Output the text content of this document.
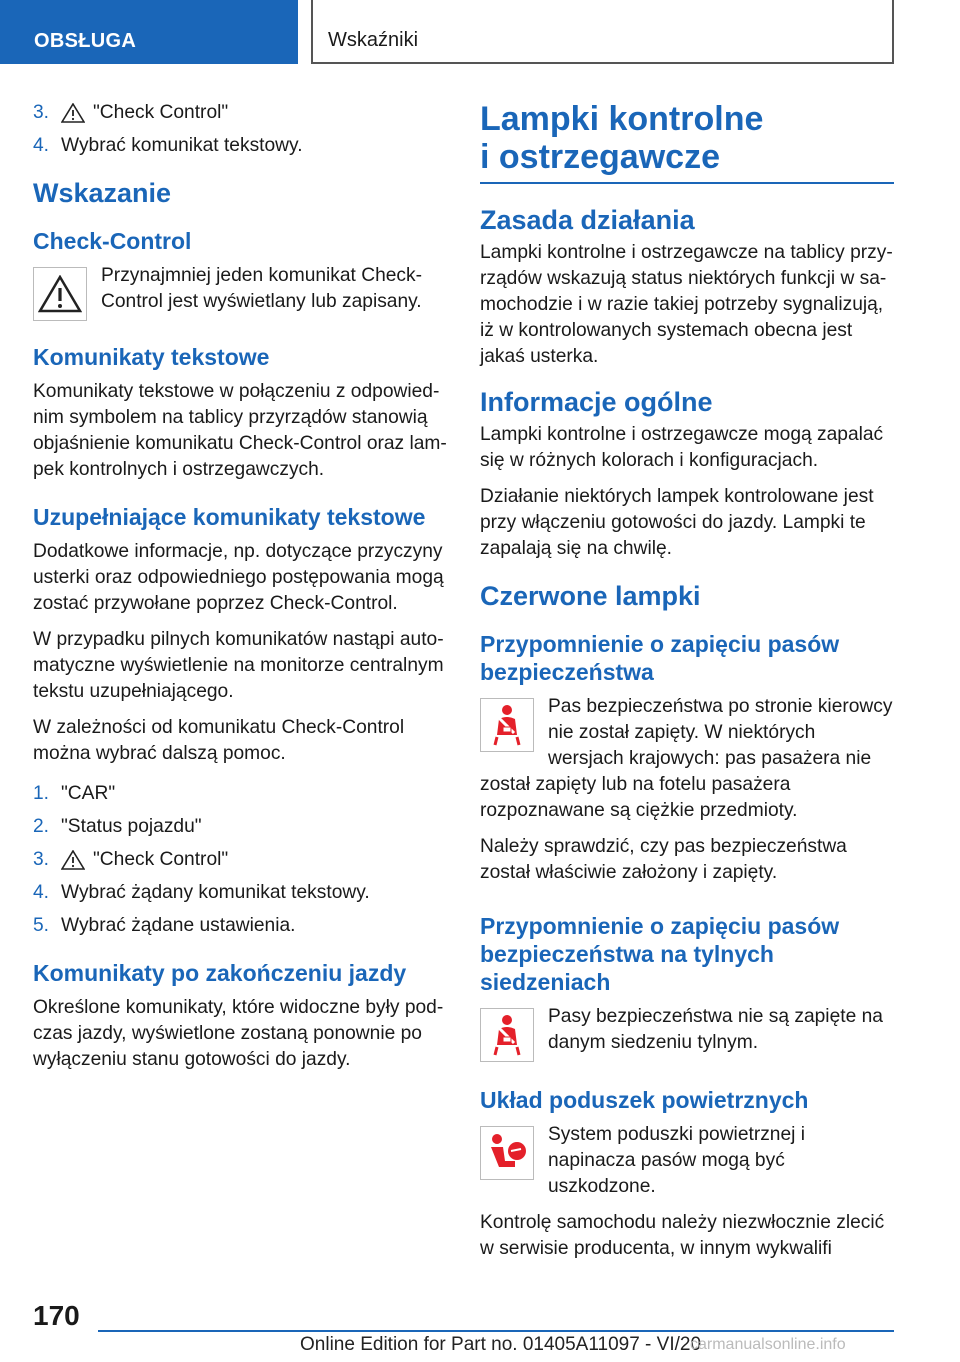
OBSŁUGA	Wskaźniki
3.	"Check Control"
4. Wybrać komunikat tekstowy.
Wskazanie
Check-Control

Przynajmniej jeden komunikat Check-Control jest wyświetlany lub zapisany.

Komunikaty tekstowe

Komunikaty tekstowe w połączeniu z odpowiednim symbolem na tablicy przyrządów stanowią objaśnienie komunikatu Check-Control oraz lampek kontrolnych i ostrzegawczych.

Uzupełniające komunikaty tekstowe

Dodatkowe informacje, np. dotyczące przyczyny usterki oraz odpowiedniego postępowania mogą zostać przywołane poprzez Check-Control.

W przypadku pilnych komunikatów nastąpi automatyczne wyświetlenie na monitorze centralnym tekstu uzupełniającego.

W zależności od komunikatu Check-Control można wybrać dalszą pomoc.

1. "CAR"
2. "Status pojazdu"
3.	"Check Control"
4. Wybrać żądany komunikat tekstowy.
5. Wybrać żądane ustawienia.
Komunikaty po zakończeniu jazdy

Określone komunikaty, które widoczne były podczas jazdy, wyświetlone zostaną ponownie po wyłączeniu stanu gotowości do jazdy.

Lampki kontrolne
i ostrzegawcze
Zasada działania

Lampki kontrolne i ostrzegawcze na tablicy przyrządów wskazują status niektórych funkcji w samochodzie i w razie takiej potrzeby sygnalizują, iż w kontrolowanych systemach obecna jest jakaś usterka.

Informacje ogólne

Lampki kontrolne i ostrzegawcze mogą zapalać się w różnych kolorach i konfiguracjach.

Działanie niektórych lampek kontrolowane jest przy włączeniu gotowości do jazdy. Lampki te zapalają się na chwilę.

Czerwone lampki
Przypomnienie o zapięciu pasów bezpieczeństwa

Pas bezpieczeństwa po stronie kierowcy nie został zapięty. W niektórych wersjach krajowych: pas pasażera nie został zapięty lub na fotelu pasażera rozpoznawane są ciężkie przedmioty.

Należy sprawdzić, czy pas bezpieczeństwa został właściwie założony i zapięty.

Przypomnienie o zapięciu pasów bezpieczeństwa na tylnych siedzeniach

Pasy bezpieczeństwa nie są zapięte na danym siedzeniu tylnym.

Układ poduszek powietrznych

System poduszki powietrznej i napinacza pasów mogą być uszkodzone.

Kontrolę samochodu należy niezwłocznie zlecić w serwisie producenta, w innym wykwalifi

170
Online Edition for Part no. 01405A11097 - VI/20
carmanualsonline.info
